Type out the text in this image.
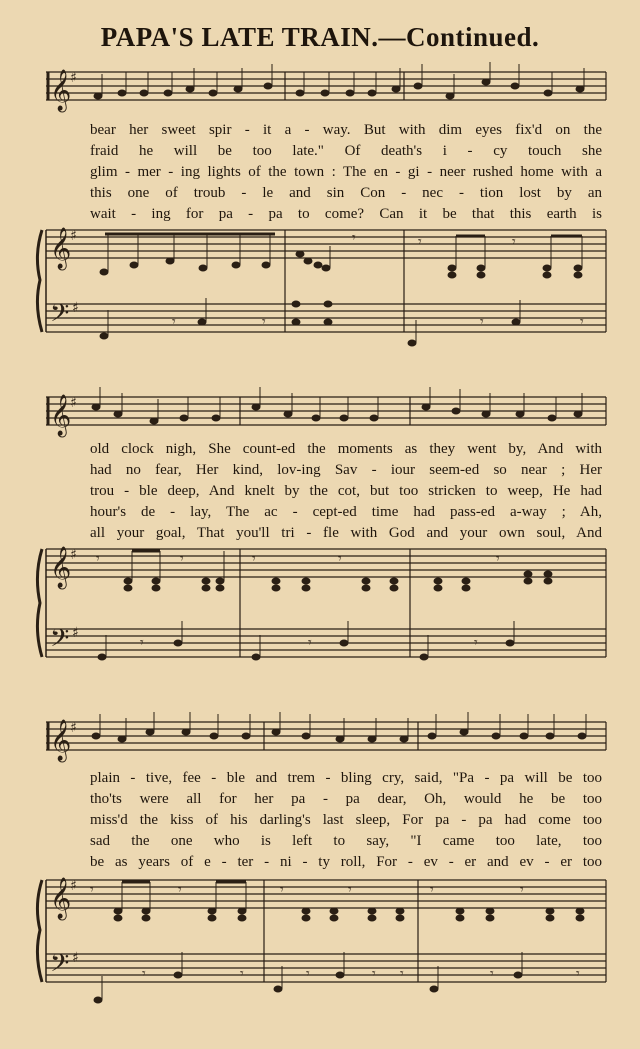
PAPA'S LATE TRAIN.—Continued.
𝄞
𝄞
𝄢
♯
♯
♯
𝄾	𝄾	𝄾
𝄾	𝄾	𝄾	𝄾
bear her sweet spir - it a - way. But with dim eyes fix'd on the
fraid he will be too late." Of death's i - cy touch she
glim - mer - ing lights of the town : The en - gi - neer rushed home with a
this one of troub - le and sin Con - nec - tion lost by an
wait - ing for pa - pa to come? Can it be that this earth is
𝄞
𝄞
𝄢
♯
♯
♯
𝄾	𝄾	𝄾	𝄾	𝄾
𝄾	𝄾	𝄾
old clock nigh, She count-ed the moments as they went by, And with
had no fear, Her kind, lov-ing Sav - iour seem-ed so near ; Her
trou - ble deep, And knelt by the cot, but too stricken to weep, He had
hour's de - lay, The ac - cept-ed time had pass-ed a-way ; Ah,
all your goal, That you'll tri - fle with God and your own soul, And
𝄞
𝄞
𝄢
♯
♯
♯
𝄾	𝄾	𝄾	𝄾	𝄾	𝄾
𝄾	𝄾	𝄾	𝄾 𝄾	𝄾	𝄾
plain - tive, fee - ble and trem - bling cry, said, "Pa - pa will be too
tho'ts were all for her pa - pa dear, Oh, would he be too
miss'd the kiss of his darling's last sleep, For pa - pa had come too
sad the one who is left to say, "I came too late, too
be as years of e - ter - ni - ty roll, For - ev - er and ev - er too
